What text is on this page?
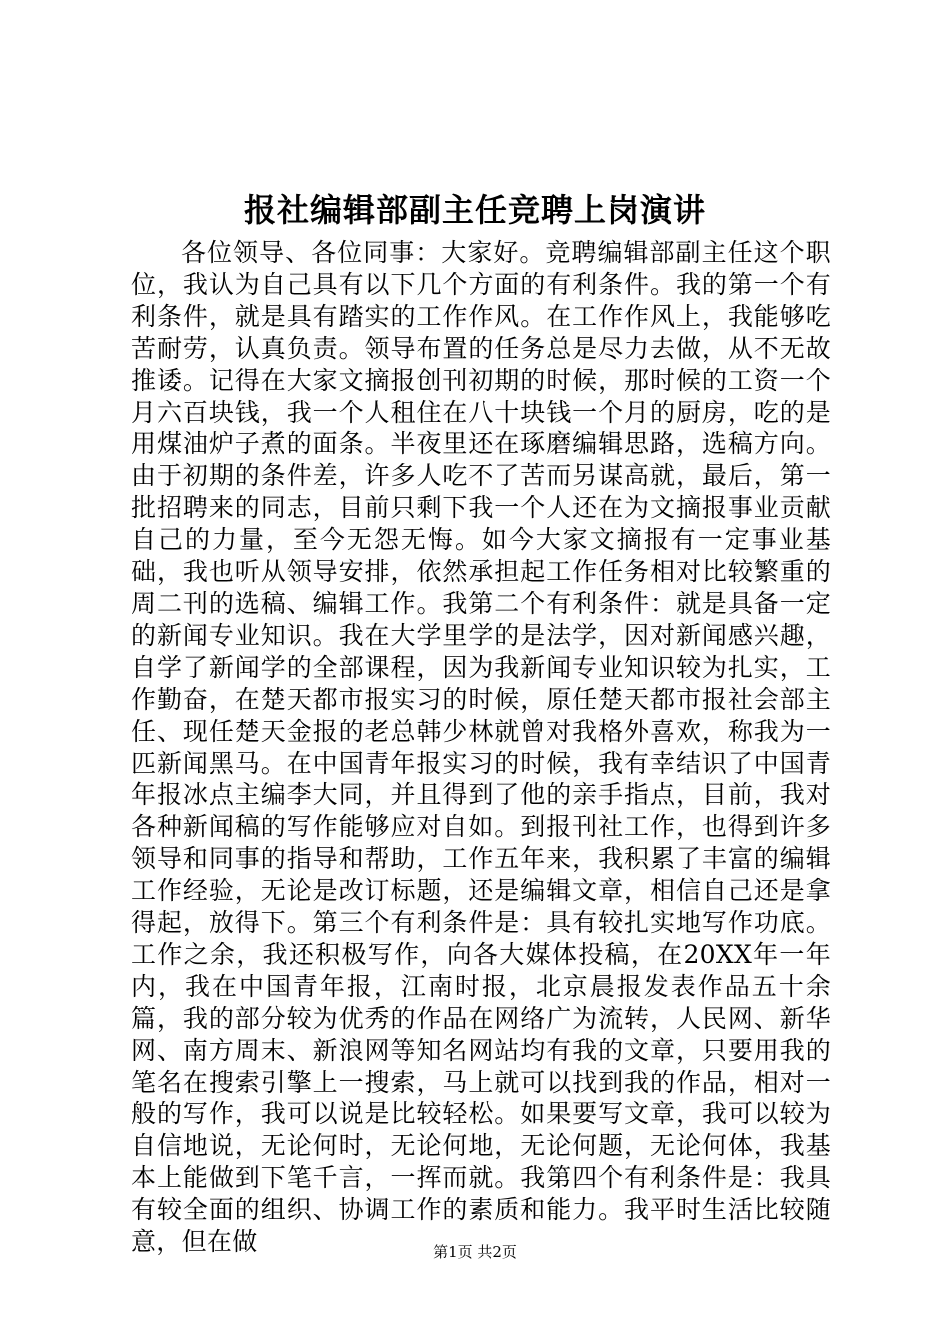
报社编辑部副主任竞聘上岗演讲

各位领导、各位同事：大家好。竞聘编辑部副主任这个职位，我认为自己具有以下几个方面的有利条件。我的第一个有利条件，就是具有踏实的工作作风。在工作作风上，我能够吃苦耐劳，认真负责。领导布置的任务总是尽力去做，从不无故推诿。记得在大家文摘报创刊初期的时候，那时候的工资一个月六百块钱，我一个人租住在八十块钱一个月的厨房，吃的是用煤油炉子煮的面条。半夜里还在琢磨编辑思路，选稿方向。由于初期的条件差，许多人吃不了苦而另谋高就，最后，第一批招聘来的同志，目前只剩下我一个人还在为文摘报事业贡献自己的力量，至今无怨无悔。如今大家文摘报有一定事业基础，我也听从领导安排，依然承担起工作任务相对比较繁重的周二刊的选稿、编辑工作。我第二个有利条件：就是具备一定的新闻专业知识。我在大学里学的是法学，因对新闻感兴趣，自学了新闻学的全部课程，因为我新闻专业知识较为扎实，工作勤奋，在楚天都市报实习的时候，原任楚天都市报社会部主任、现任楚天金报的老总韩少林就曾对我格外喜欢，称我为一匹新闻黑马。在中国青年报实习的时候，我有幸结识了中国青年报冰点主编李大同，并且得到了他的亲手指点，目前，我对各种新闻稿的写作能够应对自如。到报刊社工作，也得到许多领导和同事的指导和帮助，工作五年来，我积累了丰富的编辑工作经验，无论是改订标题，还是编辑文章，相信自己还是拿得起，放得下。第三个有利条件是：具有较扎实地写作功底。工作之余，我还积极写作，向各大媒体投稿，在20XX年一年内，我在中国青年报，江南时报，北京晨报发表作品五十余篇，我的部分较为优秀的作品在网络广为流转，人民网、新华网、南方周末、新浪网等知名网站均有我的文章，只要用我的笔名在搜索引擎上一搜索，马上就可以找到我的作品，相对一般的写作，我可以说是比较轻松。如果要写文章，我可以较为自信地说，无论何时，无论何地，无论何题，无论何体，我基本上能做到下笔千言，一挥而就。我第四个有利条件是：我具有较全面的组织、协调工作的素质和能力。我平时生活比较随意，但在做	第1页 共2页
